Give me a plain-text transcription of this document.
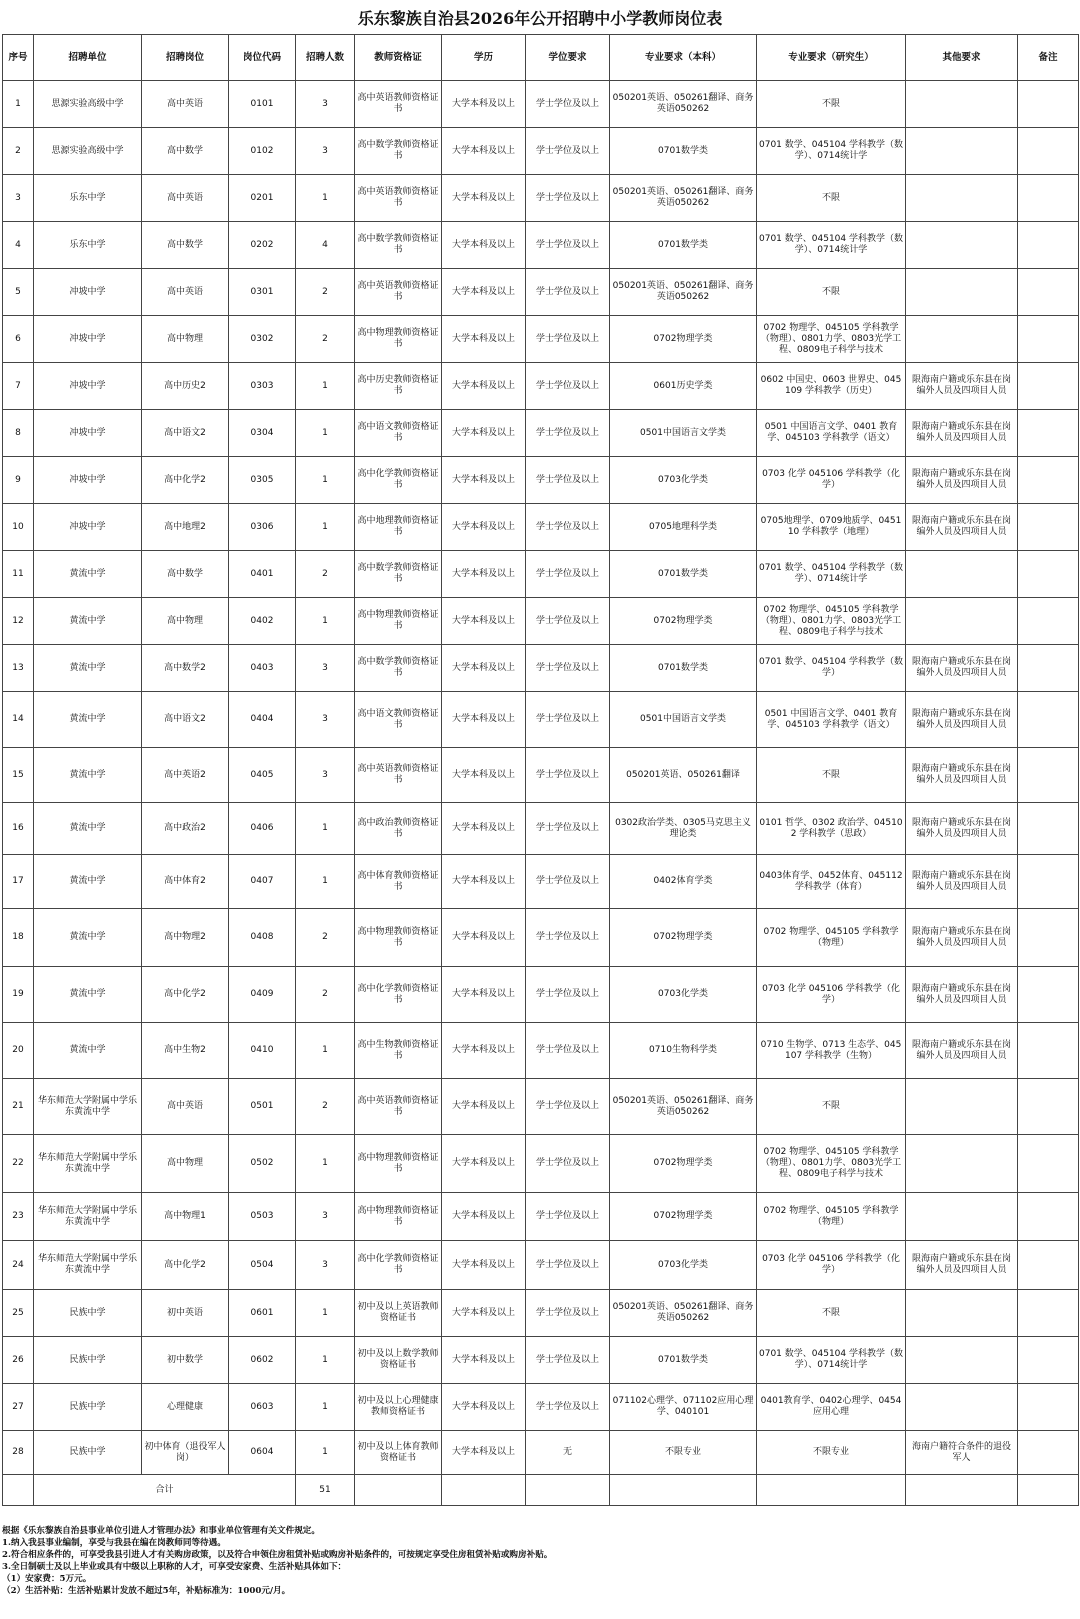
乐东黎族自治县2026年公开招聘中小学教师岗位表
序号	招聘单位	招聘岗位	岗位代码	招聘人数	教师资格证	学历	学位要求	专业要求（本科）	专业要求（研究生）	其他要求	备注
1	思源实验高级中学	高中英语	0101	3	高中英语教师资格证书	大学本科及以上	学士学位及以上	050201英语、050261翻译、商务英语050262	不限		
2	思源实验高级中学	高中数学	0102	3	高中数学教师资格证书	大学本科及以上	学士学位及以上	0701数学类	0701 数学、045104 学科教学（数学）、0714统计学		
3	乐东中学	高中英语	0201	1	高中英语教师资格证书	大学本科及以上	学士学位及以上	050201英语、050261翻译、商务英语050262	不限		
4	乐东中学	高中数学	0202	4	高中数学教师资格证书	大学本科及以上	学士学位及以上	0701数学类	0701 数学、045104 学科教学（数学）、0714统计学		
5	冲坡中学	高中英语	0301	2	高中英语教师资格证书	大学本科及以上	学士学位及以上	050201英语、050261翻译、商务英语050262	不限		
6	冲坡中学	高中物理	0302	2	高中物理教师资格证书	大学本科及以上	学士学位及以上	0702物理学类	0702 物理学、045105 学科教学（物理）、0801力学、0803光学工程、0809电子科学与技术		
7	冲坡中学	高中历史2	0303	1	高中历史教师资格证书	大学本科及以上	学士学位及以上	0601历史学类	0602 中国史、0603 世界史、045109 学科教学（历史）	限海南户籍或乐东县在岗编外人员及四项目人员	
8	冲坡中学	高中语文2	0304	1	高中语文教师资格证书	大学本科及以上	学士学位及以上	0501中国语言文学类	0501 中国语言文学、0401 教育学、045103 学科教学（语文）	限海南户籍或乐东县在岗编外人员及四项目人员	
9	冲坡中学	高中化学2	0305	1	高中化学教师资格证书	大学本科及以上	学士学位及以上	0703化学类	0703 化学 045106 学科教学（化学）	限海南户籍或乐东县在岗编外人员及四项目人员	
10	冲坡中学	高中地理2	0306	1	高中地理教师资格证书	大学本科及以上	学士学位及以上	0705地理科学类	0705地理学、0709地质学、045110 学科教学（地理）	限海南户籍或乐东县在岗编外人员及四项目人员	
11	黄流中学	高中数学	0401	2	高中数学教师资格证书	大学本科及以上	学士学位及以上	0701数学类	0701 数学、045104 学科教学（数学）、0714统计学		
12	黄流中学	高中物理	0402	1	高中物理教师资格证书	大学本科及以上	学士学位及以上	0702物理学类	0702 物理学、045105 学科教学（物理）、0801力学、0803光学工程、0809电子科学与技术		
13	黄流中学	高中数学2	0403	3	高中数学教师资格证书	大学本科及以上	学士学位及以上	0701数学类	0701 数学、045104 学科教学（数学）	限海南户籍或乐东县在岗编外人员及四项目人员	
14	黄流中学	高中语文2	0404	3	高中语文教师资格证书	大学本科及以上	学士学位及以上	0501中国语言文学类	0501 中国语言文学、0401 教育学、045103 学科教学（语文）	限海南户籍或乐东县在岗编外人员及四项目人员	
15	黄流中学	高中英语2	0405	3	高中英语教师资格证书	大学本科及以上	学士学位及以上	050201英语、050261翻译	不限	限海南户籍或乐东县在岗编外人员及四项目人员	
16	黄流中学	高中政治2	0406	1	高中政治教师资格证书	大学本科及以上	学士学位及以上	0302政治学类、0305马克思主义理论类	0101 哲学、0302 政治学、045102 学科教学（思政）	限海南户籍或乐东县在岗编外人员及四项目人员	
17	黄流中学	高中体育2	0407	1	高中体育教师资格证书	大学本科及以上	学士学位及以上	0402体育学类	0403体育学、0452体育、045112 学科教学（体育）	限海南户籍或乐东县在岗编外人员及四项目人员	
18	黄流中学	高中物理2	0408	2	高中物理教师资格证书	大学本科及以上	学士学位及以上	0702物理学类	0702 物理学、045105 学科教学（物理）	限海南户籍或乐东县在岗编外人员及四项目人员	
19	黄流中学	高中化学2	0409	2	高中化学教师资格证书	大学本科及以上	学士学位及以上	0703化学类	0703 化学 045106 学科教学（化学）	限海南户籍或乐东县在岗编外人员及四项目人员	
20	黄流中学	高中生物2	0410	1	高中生物教师资格证书	大学本科及以上	学士学位及以上	0710生物科学类	0710 生物学、0713 生态学、045107 学科教学（生物）	限海南户籍或乐东县在岗编外人员及四项目人员	
21	华东师范大学附属中学乐东黄流中学	高中英语	0501	2	高中英语教师资格证书	大学本科及以上	学士学位及以上	050201英语、050261翻译、商务英语050262	不限		
22	华东师范大学附属中学乐东黄流中学	高中物理	0502	1	高中物理教师资格证书	大学本科及以上	学士学位及以上	0702物理学类	0702 物理学、045105 学科教学（物理）、0801力学、0803光学工程、0809电子科学与技术		
23	华东师范大学附属中学乐东黄流中学	高中物理1	0503	3	高中物理教师资格证书	大学本科及以上	学士学位及以上	0702物理学类	0702 物理学、045105 学科教学（物理）		
24	华东师范大学附属中学乐东黄流中学	高中化学2	0504	3	高中化学教师资格证书	大学本科及以上	学士学位及以上	0703化学类	0703 化学 045106 学科教学（化学）	限海南户籍或乐东县在岗编外人员及四项目人员	
25	民族中学	初中英语	0601	1	初中及以上英语教师资格证书	大学本科及以上	学士学位及以上	050201英语、050261翻译、商务英语050262	不限		
26	民族中学	初中数学	0602	1	初中及以上数学教师资格证书	大学本科及以上	学士学位及以上	0701数学类	0701 数学、045104 学科教学（数学）、0714统计学		
27	民族中学	心理健康	0603	1	初中及以上心理健康教师资格证书	大学本科及以上	学士学位及以上	071102心理学、071102应用心理学、040101	0401教育学、0402心理学、0454应用心理		
28	民族中学	初中体育（退役军人岗）	0604	1	初中及以上体育教师资格证书	大学本科及以上	无	不限专业	不限专业	海南户籍符合条件的退役军人	
	合计			51							
根据《乐东黎族自治县事业单位引进人才管理办法》和事业单位管理有关文件规定。
1.纳入我县事业编制，享受与我县在编在岗教师同等待遇。
2.符合相应条件的，可享受我县引进人才有关购房政策，以及符合申领住房租赁补贴或购房补贴条件的，可按规定享受住房租赁补贴或购房补贴。
3.全日制硕士及以上毕业或具有中级以上职称的人才，可享受安家费、生活补贴具体如下：
（1）安家费：5万元。
（2）生活补贴：生活补贴累计发放不超过5年，补贴标准为：1000元/月。
